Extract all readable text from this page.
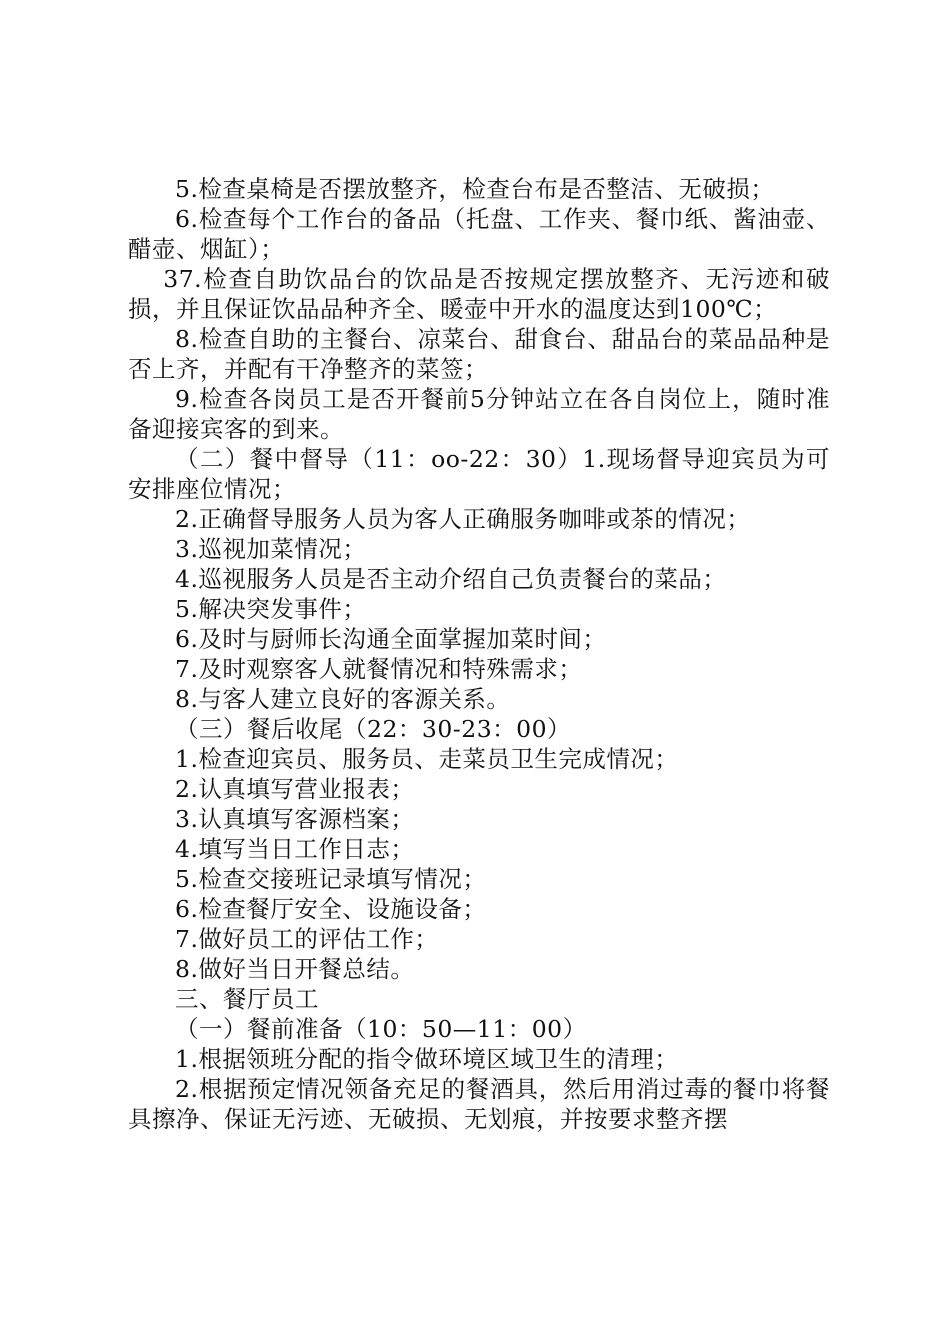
5.检查桌椅是否摆放整齐，检查台布是否整洁、无破损；

6.检查每个工作台的备品（托盘、工作夹、餐巾纸、酱油壶、醋壶、烟缸）；

37.检查自助饮品台的饮品是否按规定摆放整齐、无污迹和破损，并且保证饮品品种齐全、暖壶中开水的温度达到100℃；

8.检查自助的主餐台、凉菜台、甜食台、甜品台的菜品品种是否上齐，并配有干净整齐的菜签；

9.检查各岗员工是否开餐前5分钟站立在各自岗位上，随时准备迎接宾客的到来。

（二）餐中督导（11：oo-22：30）1.现场督导迎宾员为可安排座位情况；

2.正确督导服务人员为客人正确服务咖啡或茶的情况；

3.巡视加菜情况；

4.巡视服务人员是否主动介绍自己负责餐台的菜品；

5.解决突发事件；

6.及时与厨师长沟通全面掌握加菜时间；

7.及时观察客人就餐情况和特殊需求；

8.与客人建立良好的客源关系。

（三）餐后收尾（22：30-23：00）

1.检查迎宾员、服务员、走菜员卫生完成情况；

2.认真填写营业报表；

3.认真填写客源档案；

4.填写当日工作日志；

5.检查交接班记录填写情况；

6.检查餐厅安全、设施设备；

7.做好员工的评估工作；

8.做好当日开餐总结。

三、餐厅员工

（一）餐前准备（10：50—11：00）

1.根据领班分配的指令做环境区域卫生的清理；

2.根据预定情况领备充足的餐酒具，然后用消过毒的餐巾将餐具擦净、保证无污迹、无破损、无划痕，并按要求整齐摆
